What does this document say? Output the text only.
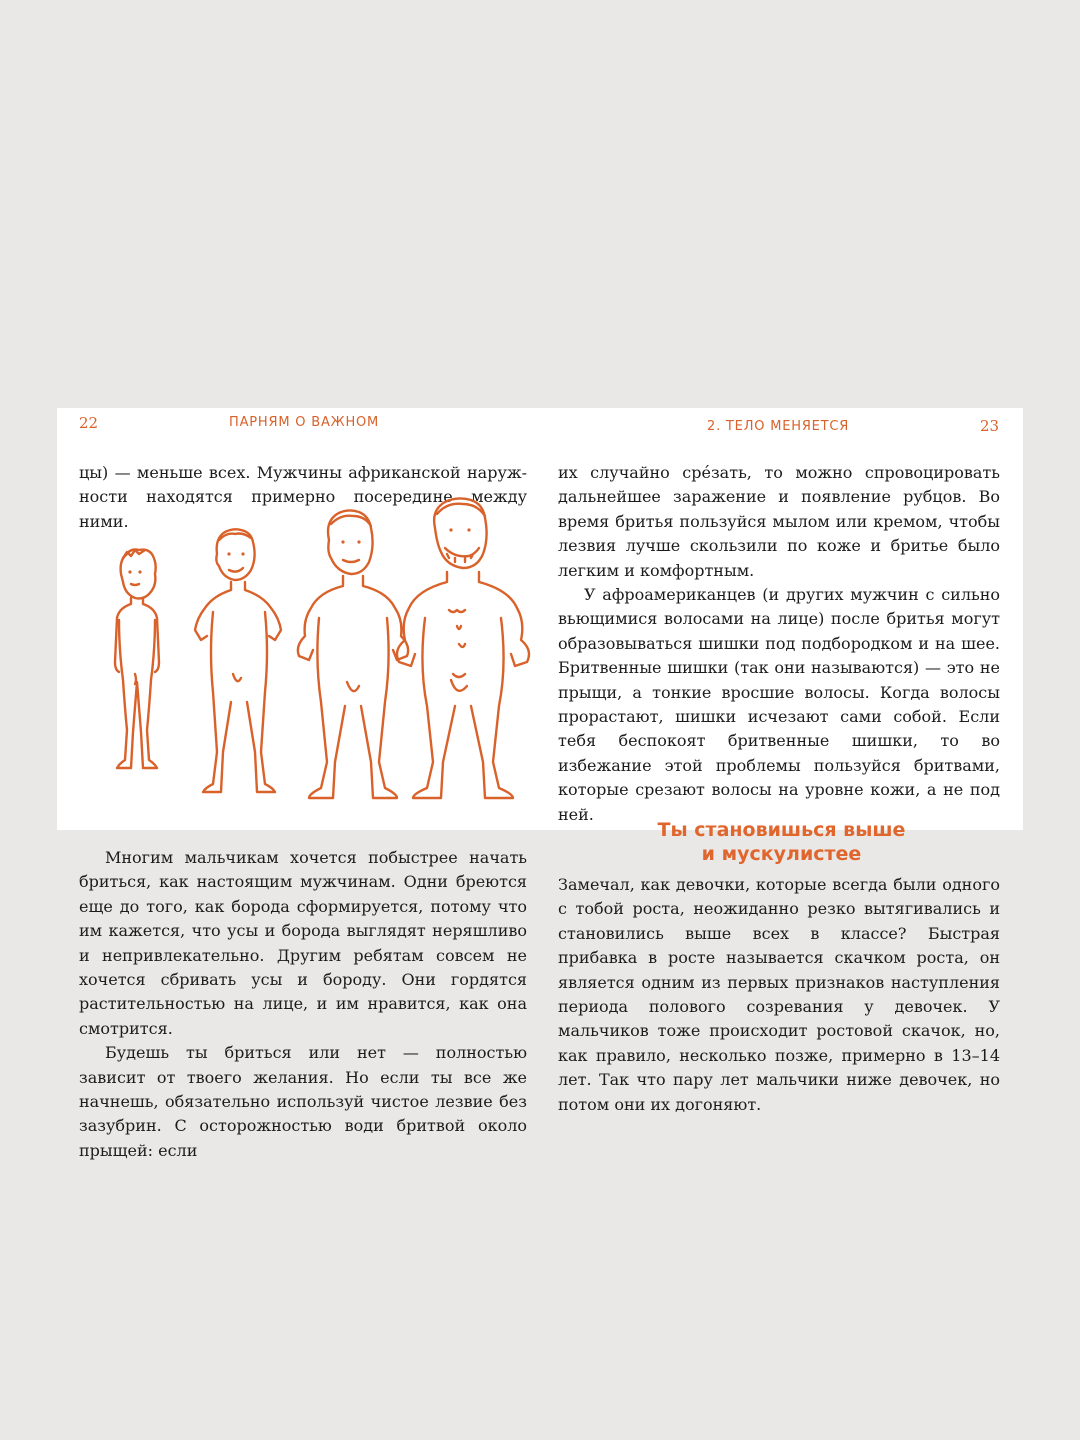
22	ПАРНЯМ О ВАЖНОМ

цы) — меньше всех. Мужчины африканской наруж-

ности находятся примерно посередине между ними.

Многим мальчикам хочется побыстрее начать бриться, как настоящим мужчинам. Одни бреются еще до того, как борода сформируется, потому что им кажется, что усы и борода выглядят неряшливо и непривлекательно. Другим ребятам совсем не хочется сбривать усы и бороду. Они гордятся растительностью на лице, и им нравится, как она смотрится.

Будешь ты бриться или нет — полностью зависит от твоего желания. Но если ты все же начнешь, обязательно используй чистое лезвие без зазубрин. С осторожностью води бритвой около прыщей: если

2. ТЕЛО МЕНЯЕТСЯ	23

их случайно сре́зать, то можно спровоцировать дальнейшее заражение и появление рубцов. Во время бритья пользуйся мылом или кремом, чтобы лезвия лучше скользили по коже и бритье было легким и комфортным.

У афроамериканцев (и других мужчин с сильно вьющимися волосами на лице) после бритья могут образовываться шишки под подбородком и на шее. Бритвенные шишки (так они называются) — это не прыщи, а тонкие вросшие волосы. Когда волосы прорастают, шишки исчезают сами собой. Если тебя беспокоят бритвенные шишки, то во избежание этой проблемы пользуйся бритвами, которые срезают волосы на уровне кожи, а не под ней.

Ты становишься выше
и мускулистее

Замечал, как девочки, которые всегда были одного с тобой роста, неожиданно резко вытягивались и становились выше всех в классе? Быстрая прибавка в росте называется скачком роста, он является одним из первых признаков наступления периода полового созревания у девочек. У мальчиков тоже происходит ростовой скачок, но, как правило, несколько позже, примерно в 13–14 лет. Так что пару лет мальчики ниже девочек, но потом они их догоняют.
